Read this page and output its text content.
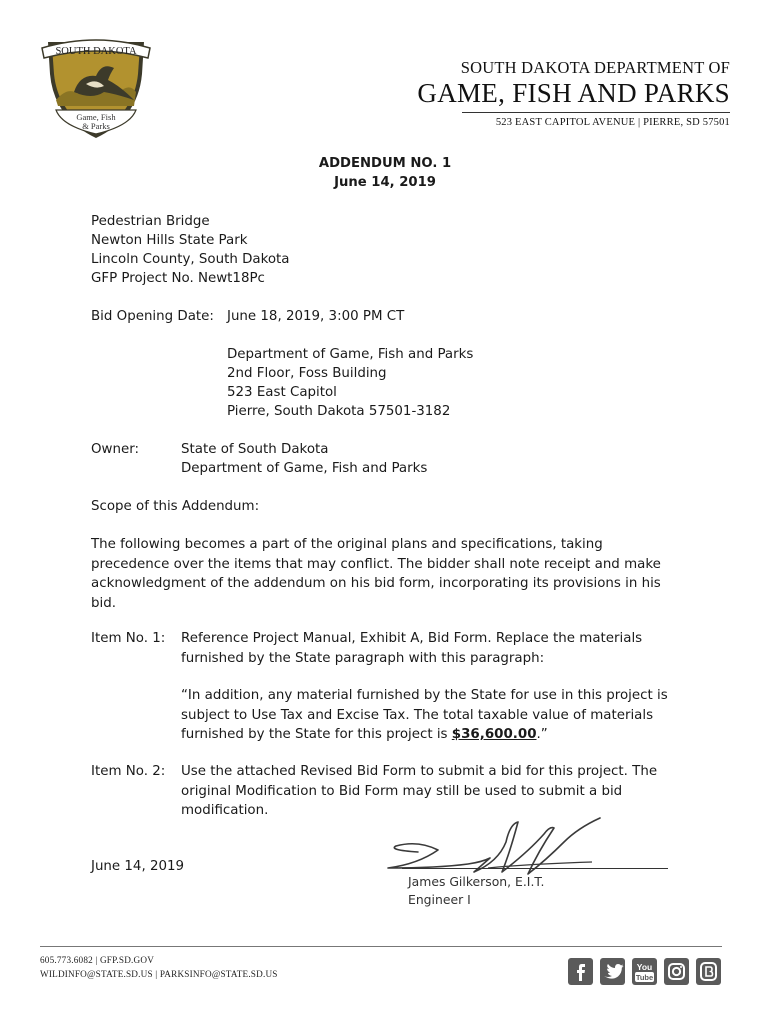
SOUTH DAKOTA
Game, Fish
& Parks
SOUTH DAKOTA DEPARTMENT OF
GAME, FISH AND PARKS
523 EAST CAPITOL AVENUE | PIERRE, SD 57501
ADDENDUM NO. 1
June 14, 2019
Pedestrian Bridge
Newton Hills State Park
Lincoln County, South Dakota
GFP Project No. Newt18Pc
Bid Opening Date: June 18, 2019, 3:00 PM CT
Department of Game, Fish and Parks
2nd Floor, Foss Building
523 East Capitol
Pierre, South Dakota 57501-3182
Owner:	State of South Dakota
Department of Game, Fish and Parks
Scope of this Addendum:
The following becomes a part of the original plans and specifications, taking precedence over the items that may conflict. The bidder shall note receipt and make acknowledgment of the addendum on his bid form, incorporating its provisions in his bid.
Item No. 1: Reference Project Manual, Exhibit A, Bid Form. Replace the materials furnished by the State paragraph with this paragraph:
“In addition, any material furnished by the State for use in this project is subject to Use Tax and Excise Tax. The total taxable value of materials furnished by the State for this project is $36,600.00.”
Item No. 2: Use the attached Revised Bid Form to submit a bid for this project. The original Modification to Bid Form may still be used to submit a bid modification.
June 14, 2019
James Gilkerson, E.I.T.
Engineer I
605.773.6082 | GFP.SD.GOV
WILDINFO@STATE.SD.US | PARKSINFO@STATE.SD.US
You
Tube
